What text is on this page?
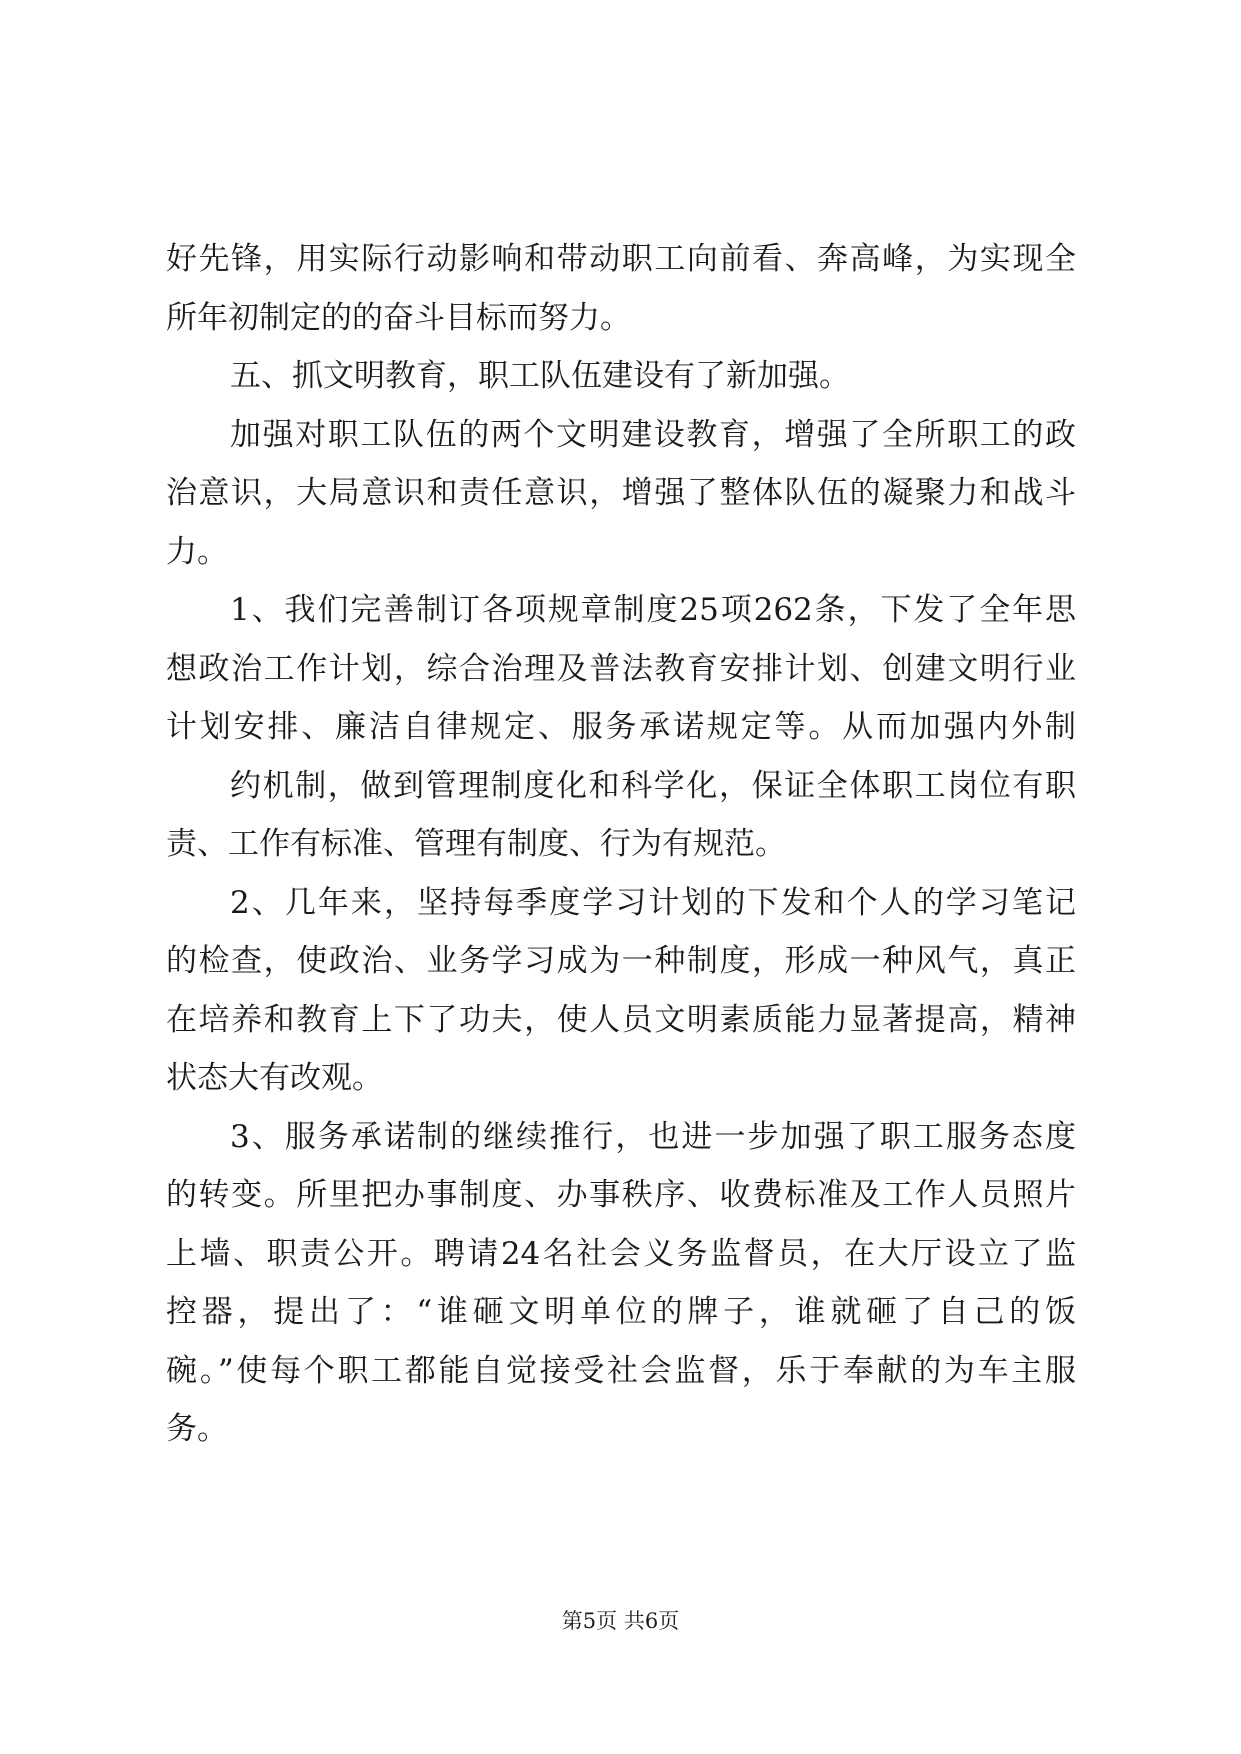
好先锋，用实际行动影响和带动职工向前看、奔高峰，为实现全
所年初制定的的奋斗目标而努力。
五、抓文明教育，职工队伍建设有了新加强。
加强对职工队伍的两个文明建设教育，增强了全所职工的政
治意识，大局意识和责任意识，增强了整体队伍的凝聚力和战斗
力。
1、我们完善制订各项规章制度25项262条，下发了全年思
想政治工作计划，综合治理及普法教育安排计划、创建文明行业
计划安排、廉洁自律规定、服务承诺规定等。从而加强内外制
约机制，做到管理制度化和科学化，保证全体职工岗位有职
责、工作有标准、管理有制度、行为有规范。
2、几年来，坚持每季度学习计划的下发和个人的学习笔记
的检查，使政治、业务学习成为一种制度，形成一种风气，真正
在培养和教育上下了功夫，使人员文明素质能力显著提高，精神
状态大有改观。
3、服务承诺制的继续推行，也进一步加强了职工服务态度
的转变。所里把办事制度、办事秩序、收费标准及工作人员照片
上墙、职责公开。聘请24名社会义务监督员，在大厅设立了监
控器，提出了：“谁砸文明单位的牌子，谁就砸了自己的饭
碗。”使每个职工都能自觉接受社会监督，乐于奉献的为车主服
务。
第5页 共6页
